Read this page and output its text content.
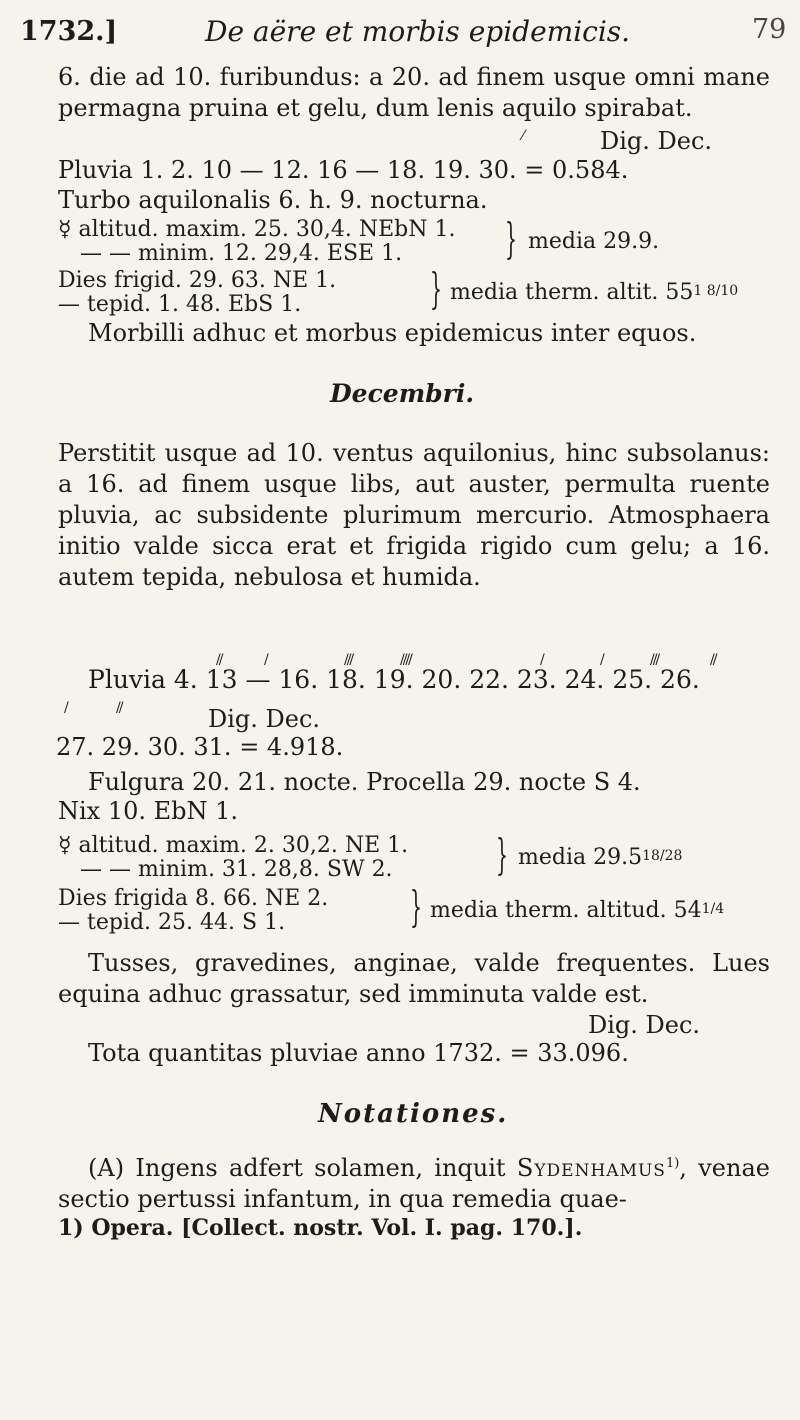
1732.]	De aëre et morbis epidemicis.	79
6. die ad 10. furibundus: a 20. ad finem usque omni mane permagna pruina et gelu, dum lenis aquilo spirabat.
⁄	Dig. Dec.
Pluvia 1. 2. 10 — 12. 16 — 18. 19. 30. = 0.584.
Turbo aquilonalis 6. h. 9. nocturna.
☿ altitud. maxim. 25. 30,4. NEbN 1.
— — minim. 12. 29,4. ESE 1. } media 29.9.
Dies frigid. 29. 63. NE 1.
— tepid. 1. 48. EbS 1.	} media therm. altit. 551 8/10
Morbilli adhuc et morbus epidemicus inter equos.
Decembri.
Perstitit usque ad 10. ventus aquilonius, hinc subsolanus: a 16. ad finem usque libs, aut auster, permulta ruente pluvia, ac subsidente plurimum mercurio. Atmosphaera initio valde sicca erat et frigida rigido cum gelu; a 16. autem tepida, nebulosa et humida.
//	/	///	////	/	/	///	//
Pluvia 4. 13 — 16. 18. 19. 20. 22. 23. 24. 25. 26.
/	//	Dig. Dec.
27. 29. 30. 31. = 4.918.
Fulgura 20. 21. nocte. Procella 29. nocte S 4.
Nix 10. EbN 1.
☿ altitud. maxim. 2. 30,2. NE 1.
— — minim. 31. 28,8. SW 2. } media 29.518/28
Dies frigida 8. 66. NE 2.
— tepid. 25. 44. S 1.	} media therm. altitud. 541/4
Tusses, gravedines, anginae, valde frequentes. Lues equina adhuc grassatur, sed imminuta valde est.
Dig. Dec.
Tota quantitas pluviae anno 1732. = 33.096.
Notationes.
(A) Ingens adfert solamen, inquit Sydenhamus$^{1)}$, venae sectio pertussi infantum, in qua remedia quae-
1) Opera. [Collect. nostr. Vol. I. pag. 170.].
